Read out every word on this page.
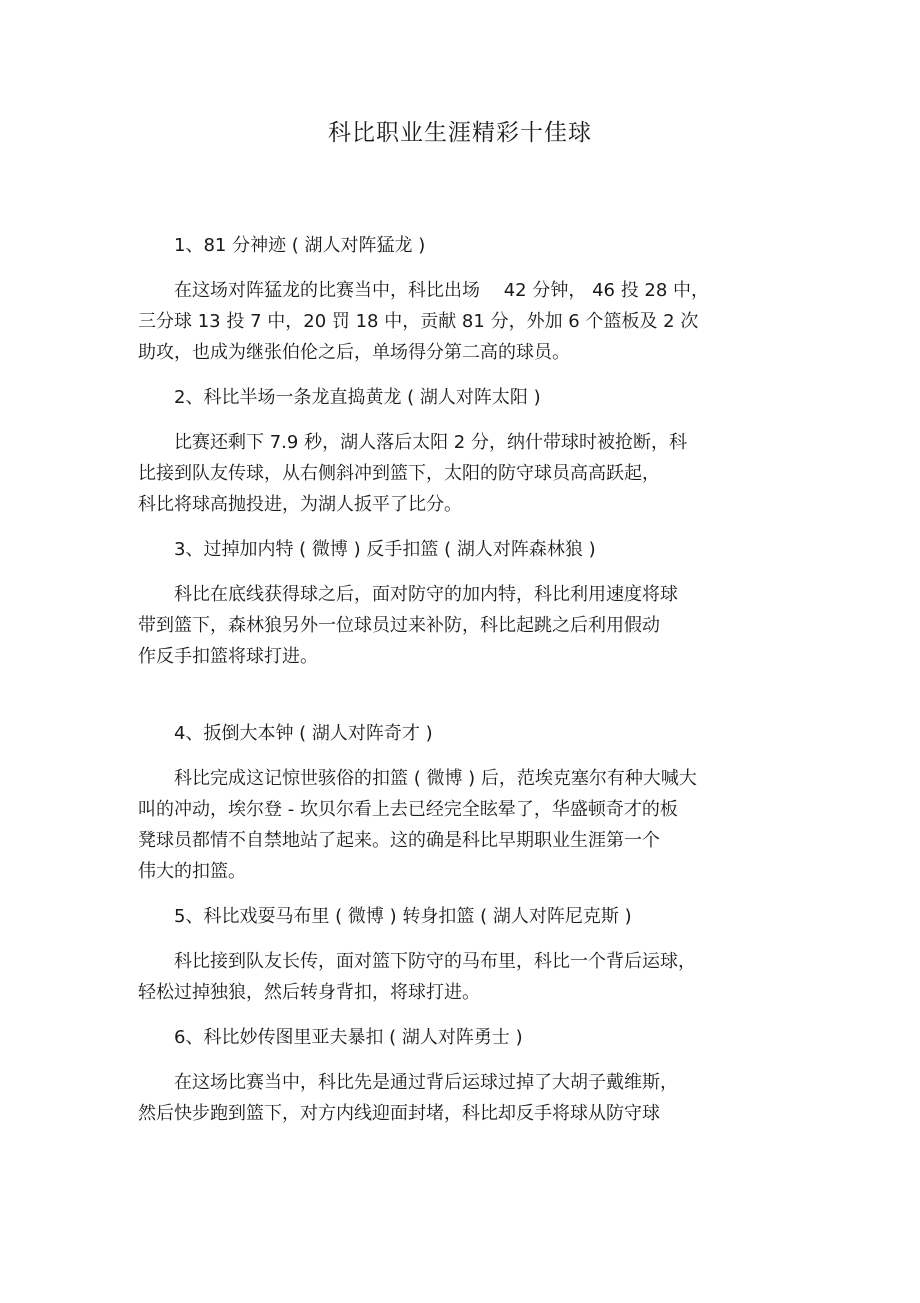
科比职业生涯精彩十佳球
1、81 分神迹 ( 湖人对阵猛龙 )

在这场对阵猛龙的比赛当中，科比出场　 42 分钟， 46 投 28 中，
三分球 13 投 7 中，20 罚 18 中，贡献 81 分，外加 6 个篮板及 2 次
助攻，也成为继张伯伦之后，单场得分第二高的球员。

2、科比半场一条龙直捣黄龙 ( 湖人对阵太阳 )

比赛还剩下 7.9 秒，湖人落后太阳 2 分，纳什带球时被抢断，科
比接到队友传球，从右侧斜冲到篮下，太阳的防守球员高高跃起，
科比将球高抛投进，为湖人扳平了比分。

3、过掉加内特 ( 微博 ) 反手扣篮 ( 湖人对阵森林狼 )

科比在底线获得球之后，面对防守的加内特，科比利用速度将球
带到篮下，森林狼另外一位球员过来补防，科比起跳之后利用假动
作反手扣篮将球打进。

4、扳倒大本钟 ( 湖人对阵奇才 )

科比完成这记惊世骇俗的扣篮 ( 微博 ) 后，范埃克塞尔有种大喊大
叫的冲动，埃尔登 - 坎贝尔看上去已经完全眩晕了，华盛顿奇才的板
凳球员都情不自禁地站了起来。这的确是科比早期职业生涯第一个
伟大的扣篮。

5、科比戏耍马布里 ( 微博 ) 转身扣篮 ( 湖人对阵尼克斯 )

科比接到队友长传，面对篮下防守的马布里，科比一个背后运球，
轻松过掉独狼，然后转身背扣，将球打进。

6、科比妙传图里亚夫暴扣 ( 湖人对阵勇士 )

在这场比赛当中，科比先是通过背后运球过掉了大胡子戴维斯，
然后快步跑到篮下，对方内线迎面封堵，科比却反手将球从防守球
